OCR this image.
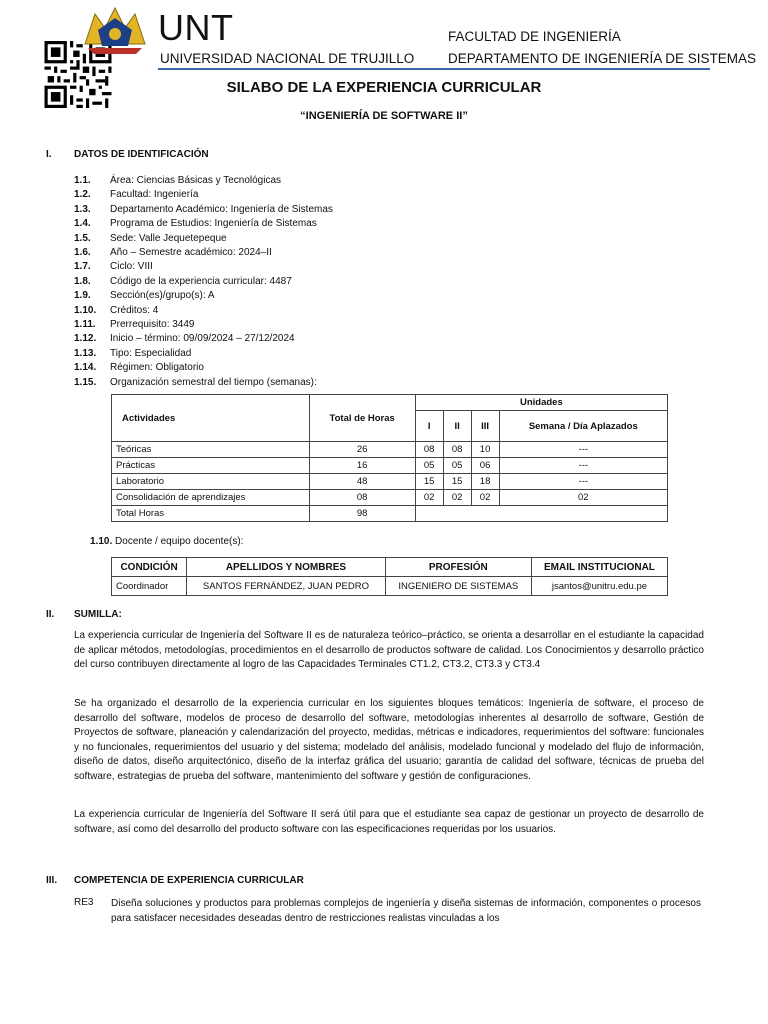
UNT
UNIVERSIDAD NACIONAL DE TRUJILLO
FACULTAD DE INGENIERÍA
DEPARTAMENTO DE INGENIERÍA DE SISTEMAS
SILABO DE LA EXPERIENCIA CURRICULAR
“INGENIERÍA DE SOFTWARE II”
I. DATOS DE IDENTIFICACIÓN
1.1. Área: Ciencias Básicas y Tecnológicas
1.2. Facultad: Ingeniería
1.3. Departamento Académico: Ingeniería de Sistemas
1.4. Programa de Estudios: Ingeniería de Sistemas
1.5. Sede: Valle Jequetepeque
1.6. Año – Semestre académico: 2024–II
1.7. Ciclo: VIII
1.8. Código de la experiencia curricular: 4487
1.9. Sección(es)/grupo(s): A
1.10. Créditos: 4
1.11. Prerrequisito: 3449
1.12. Inicio – término: 09/09/2024 – 27/12/2024
1.13. Tipo: Especialidad
1.14. Régimen: Obligatorio
1.15. Organización semestral del tiempo (semanas):
Actividades	Total de Horas	Unidades			
		I	II	III	Semana / Día Aplazados
Teóricas	26	08	08	10	---
Prácticas	16	05	05	06	---
Laboratorio	48	15	15	18	---
Consolidación de aprendizajes	08	02	02	02	02
Total Horas	98				
1.10. Docente / equipo docente(s):
CONDICIÓN	APELLIDOS Y NOMBRES	PROFESIÓN	EMAIL INSTITUCIONAL
Coordinador	SANTOS FERNÁNDEZ, JUAN PEDRO	INGENIERO DE SISTEMAS	jsantos@unitru.edu.pe
II. SUMILLA:
La experiencia curricular de Ingeniería del Software II es de naturaleza teórico–práctico, se orienta a desarrollar en el estudiante la capacidad de aplicar métodos, metodologías, procedimientos en el desarrollo de productos software de calidad. Los Conocimientos y desarrollo práctico del curso contribuyen directamente al logro de las Capacidades Terminales CT1.2, CT3.2, CT3.3 y CT3.4
Se ha organizado el desarrollo de la experiencia curricular en los siguientes bloques temáticos: Ingeniería de software, el proceso de desarrollo del software, modelos de proceso de desarrollo del software, metodologías inherentes al desarrollo de software, Gestión de Proyectos de software, planeación y calendarización del proyecto, medidas, métricas e indicadores, requerimientos del software: funcionales y no funcionales, requerimientos del usuario y del sistema; modelado del análisis, modelado funcional y modelado del flujo de información, diseño de datos, diseño arquitectónico, diseño de la interfaz gráfica del usuario; garantía de calidad del software, técnicas de prueba del software, estrategias de prueba del software, mantenimiento del software y gestión de configuraciones.
La experiencia curricular de Ingeniería del Software II será útil para que el estudiante sea capaz de gestionar un proyecto de desarrollo de software, así como del desarrollo del producto software con las especificaciones requeridas por los usuarios.
III. COMPETENCIA DE EXPERIENCIA CURRICULAR
RE3 Diseña soluciones y productos para problemas complejos de ingeniería y diseña sistemas de información, componentes o procesos para satisfacer necesidades deseadas dentro de restricciones realistas vinculadas a los
